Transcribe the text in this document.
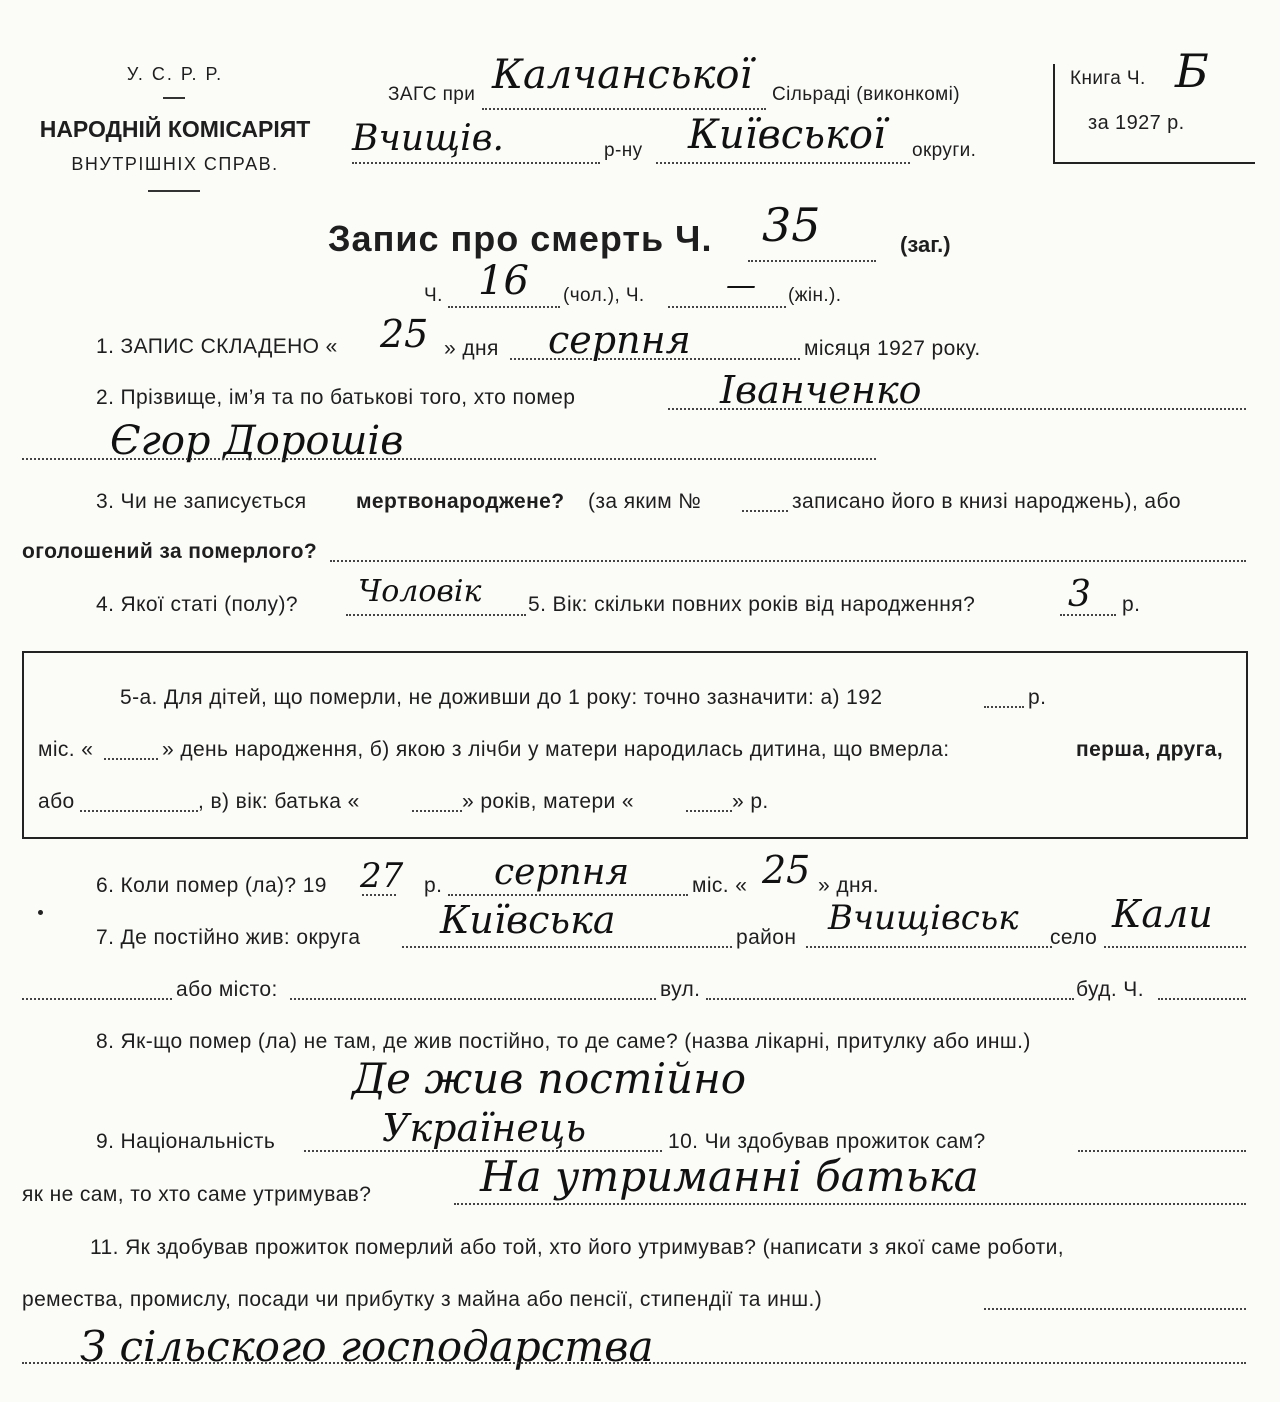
У. С. Р. Р.
НАРОДНІЙ КОМІСАРІЯТ
ВНУТРІШНІХ СПРАВ.
ЗАГС при Калчанської Сільраді (виконкомі)
Вчищів.	р-ну Київської округи.
Книга Ч. Б
за 1927 р.
Запис про смерть Ч. 35	(заг.)
Ч. 16 (чол.), Ч.	— (жін.).
1. ЗАПИС СКЛАДЕНО « 25 » дня серпня	місяця 1927 року.
2. Прізвище, ім’я та по батькові того, хто помер	Іванченко
Єгор Дорошів
3. Чи не записується мертвонароджене? (за яким №	записано його в книзі народжень), або
оголошений за померлого?
4. Якої статі (полу)? Чоловік 5. Вік: скільки повних років від народження?	3 р.
5-а. Для дітей, що померли, не доживши до 1 року: точно зазначити: а) 192	р.
міс. «	» день народження, б) якою з лічби у матери народилась дитина, що вмерла:	перша, друга,
або	, в) вік: батька «	» років, матери «	» р.
6. Коли помер (ла)? 19 27 р. серпня	міс. « 25 » дня.
7. Де постійно жив: округа Київська	район Вчищівськ село
Кали
або місто:	вул.	буд. Ч.
8. Як-що помер (ла) не там, де жив постійно, то де саме? (назва лікарні, притулку або инш.)
Де жив постійно
9. Національність	Українець	10. Чи здобував прожиток сам?
як не сам, то хто саме утримував?	На утриманні батька
11. Як здобував прожиток померлий або той, хто його утримував? (написати з якої саме роботи,
ремества, промислу, посади чи прибутку з майна або пенсії, стипендії та инш.)
З сільского господарства
